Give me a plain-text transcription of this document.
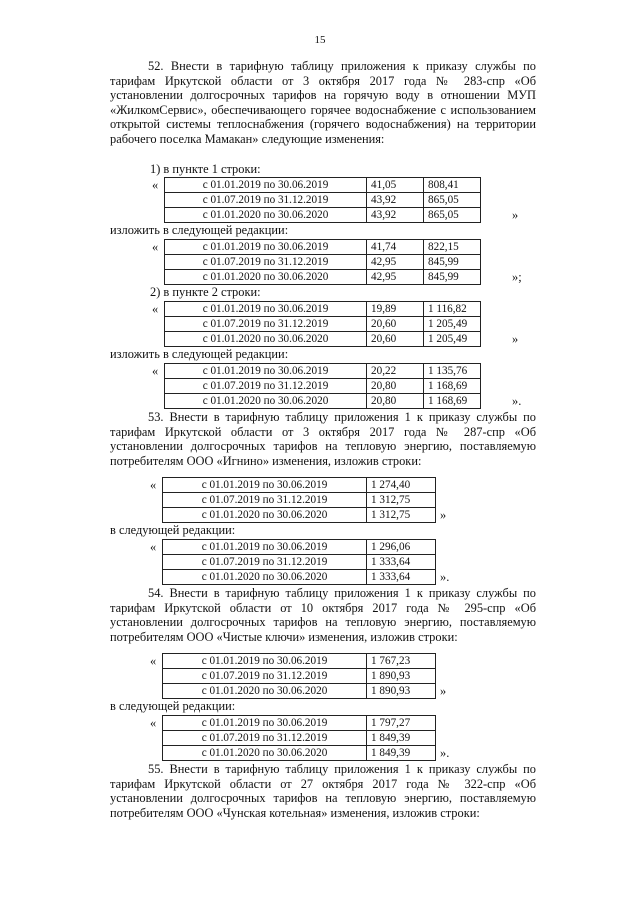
15
52. Внести в тарифную таблицу приложения к приказу службы по тарифам Иркутской области от 3 октября 2017 года № 283-спр «Об установлении долгосрочных тарифов на горячую воду в отношении МУП «ЖилкомСервис», обеспечивающего горячее водоснабжение с использованием открытой системы теплоснабжения (горячего водоснабжения) на территории рабочего поселка Мамакан» следующие изменения:
1) в пункте 1 строки:
«	с 01.01.2019 по 30.06.2019	41,05	808,41
с 01.07.2019 по 31.12.2019	43,92	865,05
с 01.01.2020 по 30.06.2020	43,92	865,05	»
изложить в следующей редакции:
«	с 01.01.2019 по 30.06.2019	41,74	822,15
с 01.07.2019 по 31.12.2019	42,95	845,99
с 01.01.2020 по 30.06.2020	42,95	845,99	»;
2) в пункте 2 строки:
«	с 01.01.2019 по 30.06.2019	19,89	1 116,82
с 01.07.2019 по 31.12.2019	20,60	1 205,49
с 01.01.2020 по 30.06.2020	20,60	1 205,49	»
изложить в следующей редакции:
«	с 01.01.2019 по 30.06.2019	20,22	1 135,76
с 01.07.2019 по 31.12.2019	20,80	1 168,69
с 01.01.2020 по 30.06.2020	20,80	1 168,69	».
53. Внести в тарифную таблицу приложения 1 к приказу службы по тарифам Иркутской области от 3 октября 2017 года № 287-спр «Об установлении долгосрочных тарифов на тепловую энергию, поставляемую потребителям ООО «Игнино» изменения, изложив строки:
«	с 01.01.2019 по 30.06.2019	1 274,40
с 01.07.2019 по 31.12.2019	1 312,75
с 01.01.2020 по 30.06.2020	1 312,75 »
в следующей редакции:
«	с 01.01.2019 по 30.06.2019	1 296,06
с 01.07.2019 по 31.12.2019	1 333,64
с 01.01.2020 по 30.06.2020	1 333,64 ».
54. Внести в тарифную таблицу приложения 1 к приказу службы по тарифам Иркутской области от 10 октября 2017 года № 295-спр «Об установлении долгосрочных тарифов на тепловую энергию, поставляемую потребителям ООО «Чистые ключи» изменения, изложив строки:
«	с 01.01.2019 по 30.06.2019	1 767,23
с 01.07.2019 по 31.12.2019	1 890,93
с 01.01.2020 по 30.06.2020	1 890,93 »
в следующей редакции:
«	с 01.01.2019 по 30.06.2019	1 797,27
с 01.07.2019 по 31.12.2019	1 849,39
с 01.01.2020 по 30.06.2020	1 849,39 ».
55. Внести в тарифную таблицу приложения 1 к приказу службы по тарифам Иркутской области от 27 октября 2017 года № 322-спр «Об установлении долгосрочных тарифов на тепловую энергию, поставляемую потребителям ООО «Чунская котельная» изменения, изложив строки:
